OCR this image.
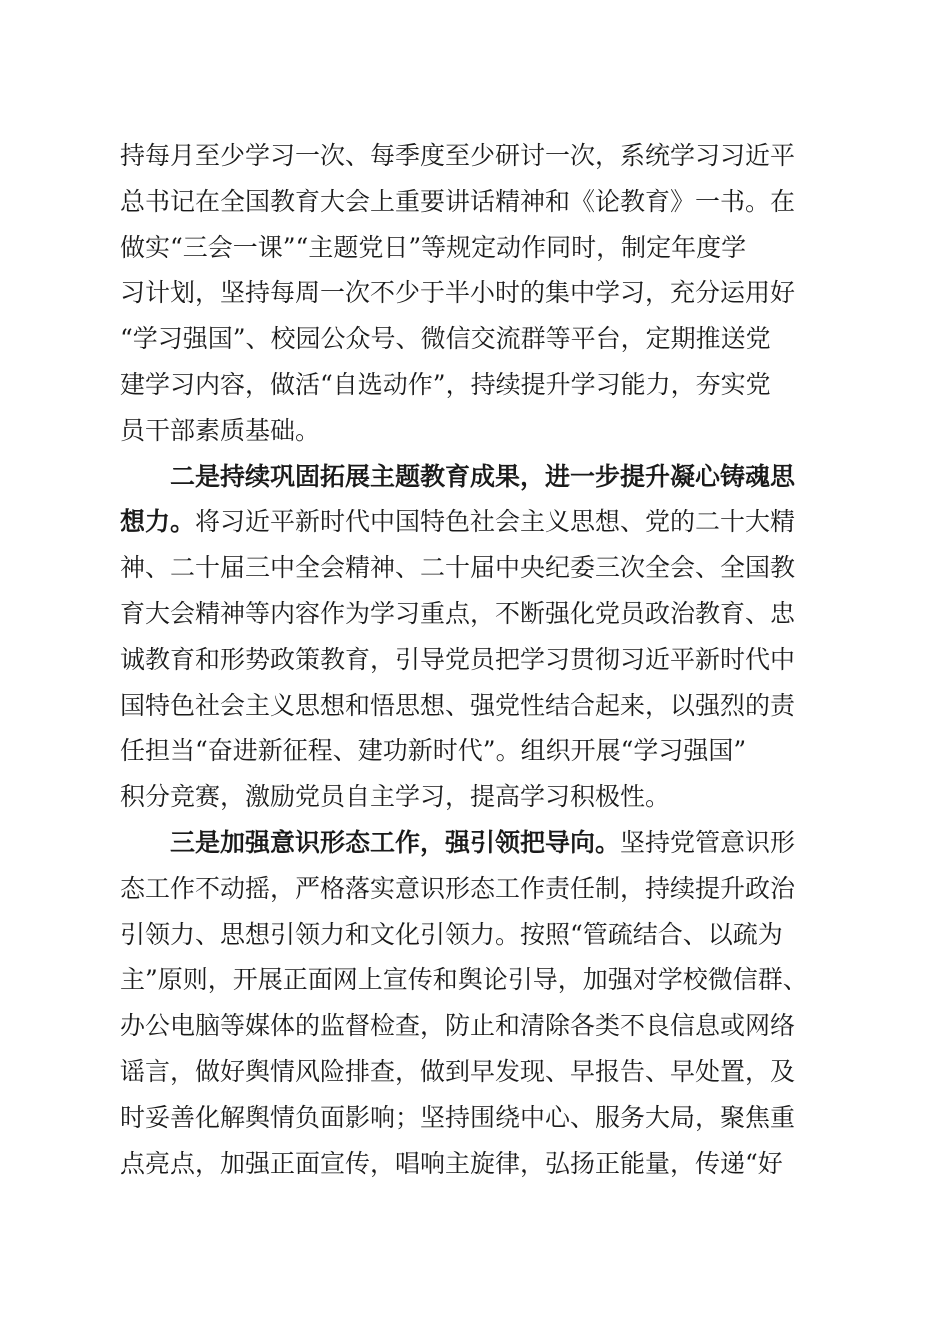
持每月至少学习一次、每季度至少研讨一次，系统学习习近平
总书记在全国教育大会上重要讲话精神和《论教育》一书。在
做实“三会一课”“主题党日”等规定动作同时，制定年度学
习计划，坚持每周一次不少于半小时的集中学习，充分运用好
“学习强国”、校园公众号、微信交流群等平台，定期推送党
建学习内容，做活“自选动作”，持续提升学习能力，夯实党
员干部素质基础。
二是持续巩固拓展主题教育成果，进一步提升凝心铸魂思
想力。将习近平新时代中国特色社会主义思想、党的二十大精
神、二十届三中全会精神、二十届中央纪委三次全会、全国教
育大会精神等内容作为学习重点，不断强化党员政治教育、忠
诚教育和形势政策教育，引导党员把学习贯彻习近平新时代中
国特色社会主义思想和悟思想、强党性结合起来，以强烈的责
任担当“奋进新征程、建功新时代”。组织开展“学习强国”
积分竞赛，激励党员自主学习，提高学习积极性。
三是加强意识形态工作，强引领把导向。坚持党管意识形
态工作不动摇，严格落实意识形态工作责任制，持续提升政治
引领力、思想引领力和文化引领力。按照“管疏结合、以疏为
主”原则，开展正面网上宣传和舆论引导，加强对学校微信群、
办公电脑等媒体的监督检查，防止和清除各类不良信息或网络
谣言，做好舆情风险排查，做到早发现、早报告、早处置，及
时妥善化解舆情负面影响；坚持围绕中心、服务大局，聚焦重
点亮点，加强正面宣传，唱响主旋律，弘扬正能量，传递“好
